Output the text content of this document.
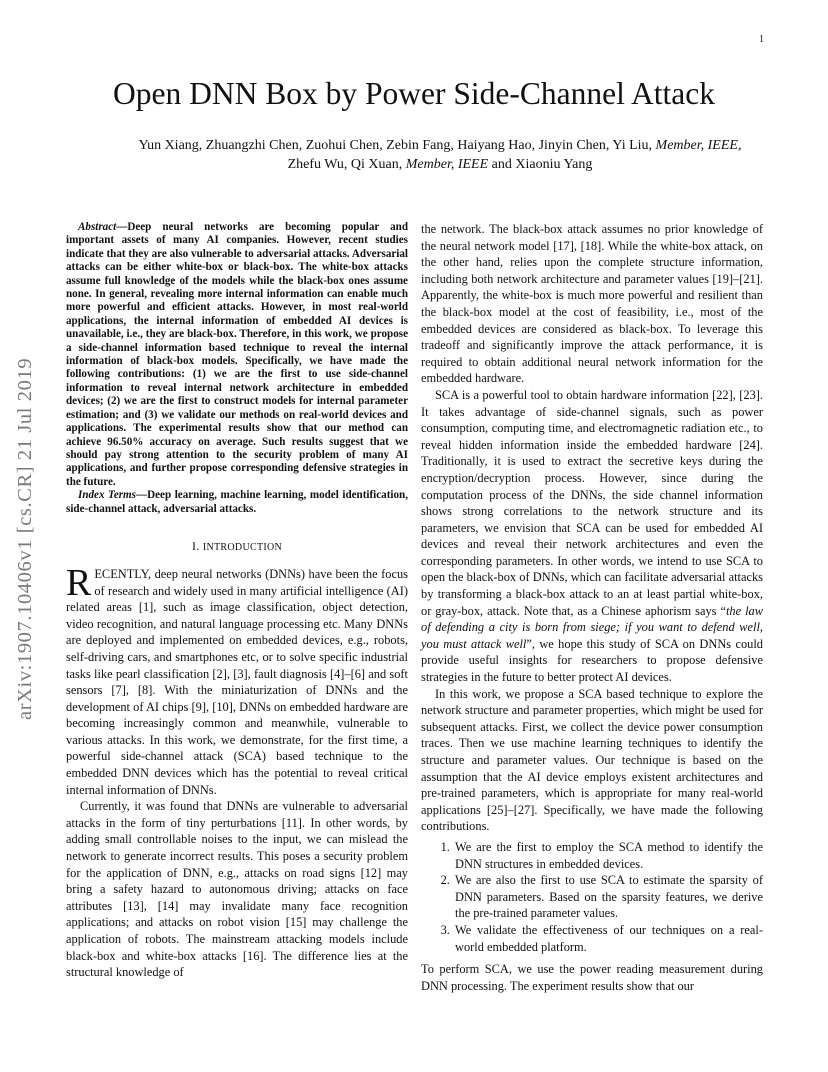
1
arXiv:1907.10406v1 [cs.CR] 21 Jul 2019
Open DNN Box by Power Side-Channel Attack
Yun Xiang, Zhuangzhi Chen, Zuohui Chen, Zebin Fang, Haiyang Hao, Jinyin Chen, Yi Liu, Member, IEEE,
Zhefu Wu, Qi Xuan, Member, IEEE and Xiaoniu Yang

Abstract—Deep neural networks are becoming popular and important assets of many AI companies. However, recent studies indicate that they are also vulnerable to adversarial attacks. Adversarial attacks can be either white-box or black-box. The white-box attacks assume full knowledge of the models while the black-box ones assume none. In general, revealing more internal information can enable much more powerful and efficient attacks. However, in most real-world applications, the internal information of embedded AI devices is unavailable, i.e., they are black-box. Therefore, in this work, we propose a side-channel information based technique to reveal the internal information of black-box models. Specifically, we have made the following contributions: (1) we are the first to use side-channel information to reveal internal network architecture in embedded devices; (2) we are the first to construct models for internal parameter estimation; and (3) we validate our methods on real-world devices and applications. The experimental results show that our method can achieve 96.50% accuracy on average. Such results suggest that we should pay strong attention to the security problem of many AI applications, and further propose corresponding defensive strategies in the future.

Index Terms—Deep learning, machine learning, model identification, side-channel attack, adversarial attacks.

I. INTRODUCTION

RECENTLY, deep neural networks (DNNs) have been the focus of research and widely used in many artificial intelligence (AI) related areas [1], such as image classification, object detection, video recognition, and natural language processing etc. Many DNNs are deployed and implemented on embedded devices, e.g., robots, self-driving cars, and smartphones etc, or to solve specific industrial tasks like pearl classification [2], [3], fault diagnosis [4]–[6] and soft sensors [7], [8]. With the miniaturization of DNNs and the development of AI chips [9], [10], DNNs on embedded hardware are becoming increasingly common and meanwhile, vulnerable to various attacks. In this work, we demonstrate, for the first time, a powerful side-channel attack (SCA) based technique to the embedded DNN devices which has the potential to reveal critical internal information of DNNs.

Currently, it was found that DNNs are vulnerable to adversarial attacks in the form of tiny perturbations [11]. In other words, by adding small controllable noises to the input, we can mislead the network to generate incorrect results. This poses a security problem for the application of DNN, e.g., attacks on road signs [12] may bring a safety hazard to autonomous driving; attacks on face attributes [13], [14] may invalidate many face recognition applications; and attacks on robot vision [15] may challenge the application of robots. The mainstream attacking models include black-box and white-box attacks [16]. The difference lies at the structural knowledge of

the network. The black-box attack assumes no prior knowledge of the neural network model [17], [18]. While the white-box attack, on the other hand, relies upon the complete structure information, including both network architecture and parameter values [19]–[21]. Apparently, the white-box is much more powerful and resilient than the black-box model at the cost of feasibility, i.e., most of the embedded devices are considered as black-box. To leverage this tradeoff and significantly improve the attack performance, it is required to obtain additional neural network information for the embedded hardware.

SCA is a powerful tool to obtain hardware information [22], [23]. It takes advantage of side-channel signals, such as power consumption, computing time, and electromagnetic radiation etc., to reveal hidden information inside the embedded hardware [24]. Traditionally, it is used to extract the secretive keys during the encryption/decryption process. However, since during the computation process of the DNNs, the side channel information shows strong correlations to the network structure and its parameters, we envision that SCA can be used for embedded AI devices and reveal their network architectures and even the corresponding parameters. In other words, we intend to use SCA to open the black-box of DNNs, which can facilitate adversarial attacks by transforming a black-box attack to an at least partial white-box, or gray-box, attack. Note that, as a Chinese aphorism says “the law of defending a city is born from siege; if you want to defend well, you must attack well”, we hope this study of SCA on DNNs could provide useful insights for researchers to propose defensive strategies in the future to better protect AI devices.

In this work, we propose a SCA based technique to explore the network structure and parameter properties, which might be used for subsequent attacks. First, we collect the device power consumption traces. Then we use machine learning techniques to identify the structure and parameter values. Our technique is based on the assumption that the AI device employs existent architectures and pre-trained parameters, which is appropriate for many real-world applications [25]–[27]. Specifically, we have made the following contributions.

1. We are the first to employ the SCA method to identify the DNN structures in embedded devices.
2. We are also the first to use SCA to estimate the sparsity of DNN parameters. Based on the sparsity features, we derive the pre-trained parameter values.
3. We validate the effectiveness of our techniques on a real-world embedded platform.

To perform SCA, we use the power reading measurement during DNN processing. The experiment results show that our
